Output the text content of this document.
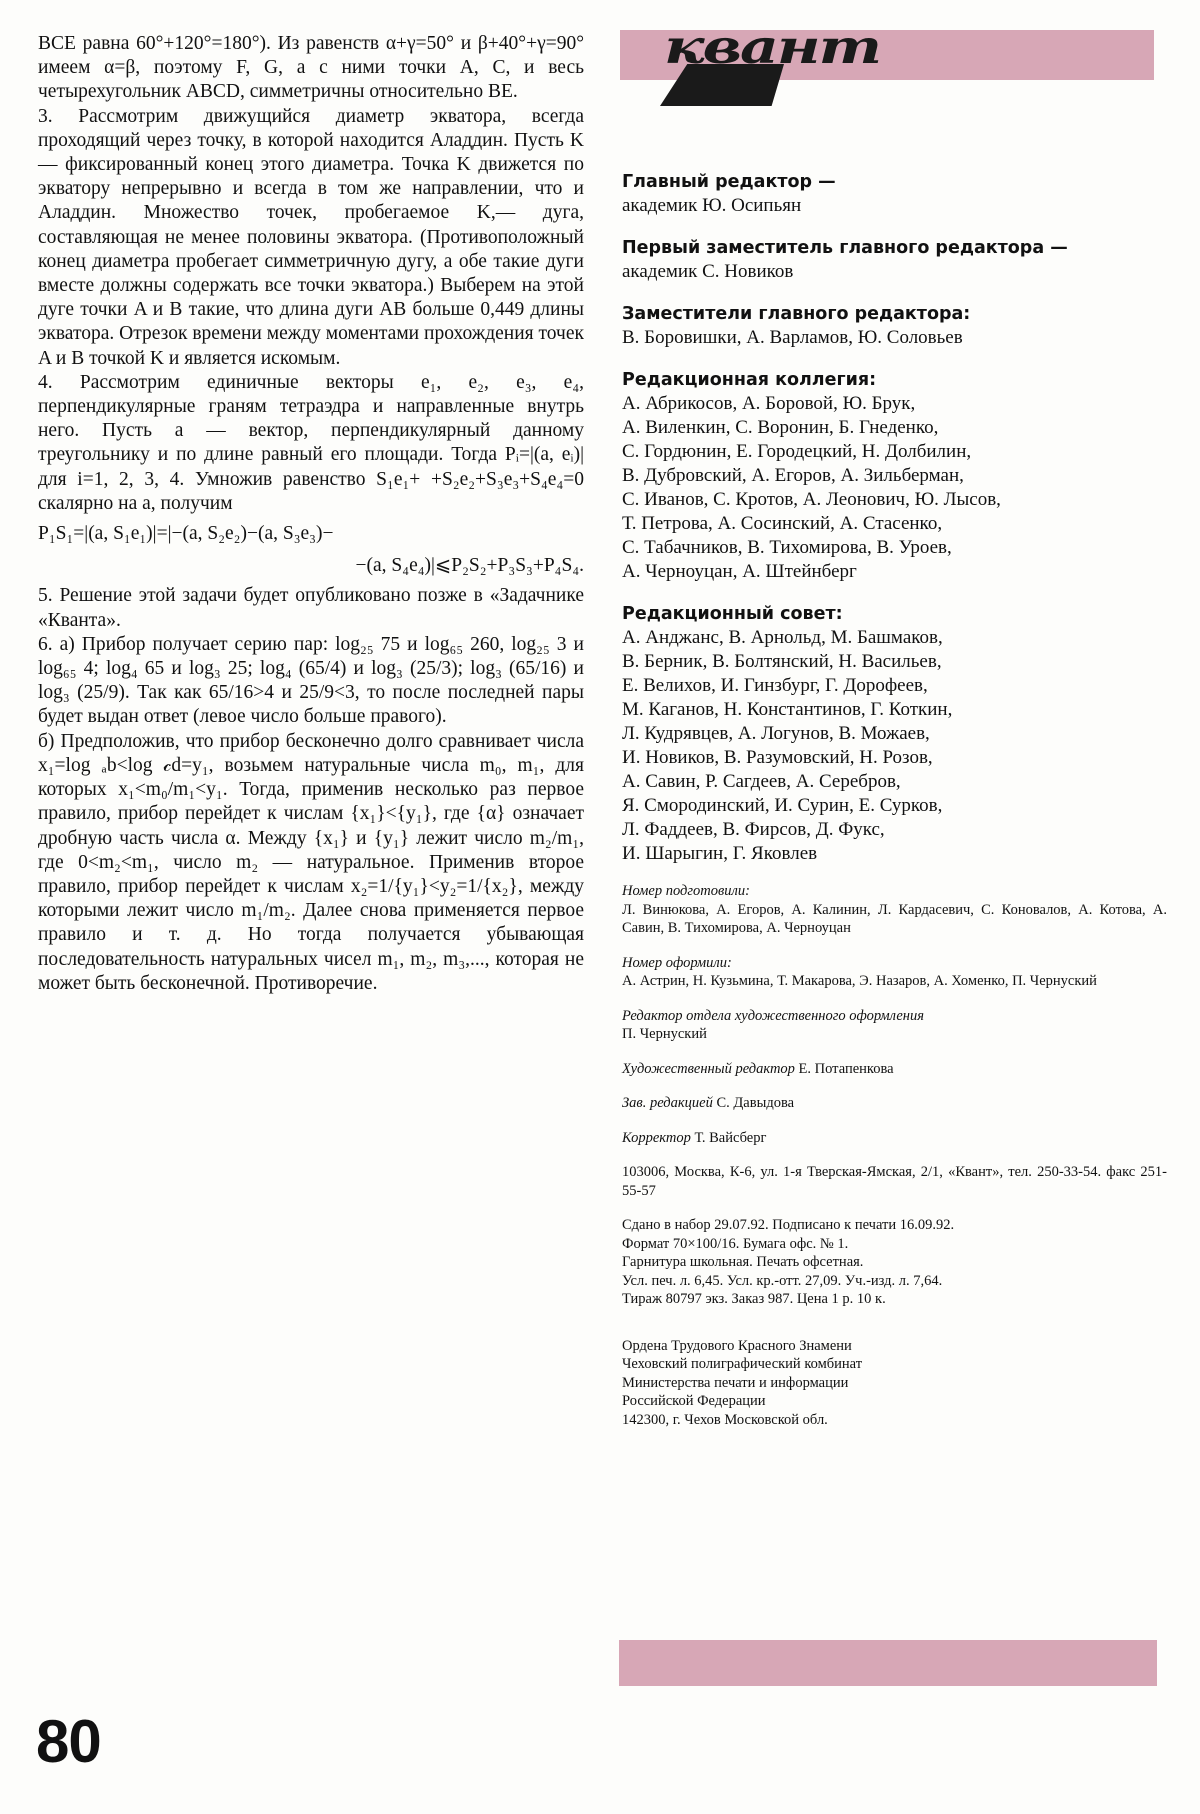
BCE равна 60°+120°=180°). Из равенств α+γ=50° и β+40°+γ=90° имеем α=β, поэтому F, G, а с ними точки A, C, и весь четырехугольник ABCD, симметричны относительно BE.

3. Рассмотрим движущийся диаметр экватора, всегда проходящий через точку, в которой находится Аладдин. Пусть K — фиксированный конец этого диаметра. Точка K движется по экватору непрерывно и всегда в том же направлении, что и Аладдин. Множество точек, пробегаемое K,— дуга, составляющая не менее половины экватора. (Противоположный конец диаметра пробегает симметричную дугу, а обе такие дуги вместе должны содержать все точки экватора.) Выберем на этой дуге точки A и B такие, что длина дуги AB больше 0,449 длины экватора. Отрезок времени между моментами прохождения точек A и B точкой K и является искомым.

4. Рассмотрим единичные векторы e₁, e₂, e₃, e₄, перпендикулярные граням тетраэдра и направленные внутрь него. Пусть a — вектор, перпендикулярный данному треугольнику и по длине равный его площади. Тогда Pᵢ=|(a, eᵢ)| для i=1, 2, 3, 4. Умножив равенство S₁e₁+ +S₂e₂+S₃e₃+S₄e₄=0 скалярно на a, получим

P₁S₁=|(a, S₁e₁)|=|−(a, S₂e₂)−(a, S₃e₃)−

−(a, S₄e₄)|⩽P₂S₂+P₃S₃+P₄S₄.

5. Решение этой задачи будет опубликовано позже в «Задачнике «Кванта».

6. а) Прибор получает серию пар: log₂₅ 75 и log₆₅ 260, log₂₅ 3 и log₆₅ 4; log₄ 65 и log₃ 25; log₄ (65/4) и log₃ (25/3); log₃ (65/16) и log₃ (25/9). Так как 65/16>4 и 25/9<3, то после последней пары будет выдан ответ (левое число больше правого).

б) Предположив, что прибор бесконечно долго сравнивает числа x₁=log ₐb<log 𝒸d=y₁, возьмем натуральные числа m₀, m₁, для которых x₁<m₀/m₁<y₁. Тогда, применив несколько раз первое правило, прибор перейдет к числам {x₁}<{y₁}, где {α} означает дробную часть числа α. Между {x₁} и {y₁} лежит число m₂/m₁, где 0<m₂<m₁, число m₂ — натуральное. Применив второе правило, прибор перейдет к числам x₂=1/{y₁}<y₂=1/{x₂}, между которыми лежит число m₁/m₂. Далее снова применяется первое правило и т. д. Но тогда получается убывающая последовательность натуральных чисел m₁, m₂, m₃,..., которая не может быть бесконечной. Противоречие.

квант
Главный редактор —
академик Ю. Осипьян
Первый заместитель главного редактора —
академик С. Новиков
Заместители главного редактора:
В. Боровишки, А. Варламов, Ю. Соловьев
Редакционная коллегия:
А. Абрикосов, А. Боровой, Ю. Брук,
А. Виленкин, С. Воронин, Б. Гнеденко,
С. Гордюнин, Е. Городецкий, Н. Долбилин,
В. Дубровский, А. Егоров, А. Зильберман,
С. Иванов, С. Кротов, А. Леонович, Ю. Лысов,
Т. Петрова, А. Сосинский, А. Стасенко,
С. Табачников, В. Тихомирова, В. Уроев,
А. Черноуцан, А. Штейнберг
Редакционный совет:
А. Анджанс, В. Арнольд, М. Башмаков,
В. Берник, В. Болтянский, Н. Васильев,
Е. Велихов, И. Гинзбург, Г. Дорофеев,
М. Каганов, Н. Константинов, Г. Коткин,
Л. Кудрявцев, А. Логунов, В. Можаев,
И. Новиков, В. Разумовский, Н. Розов,
А. Савин, Р. Сагдеев, А. Серебров,
Я. Смородинский, И. Сурин, Е. Сурков,
Л. Фаддеев, В. Фирсов, Д. Фукс,
И. Шарыгин, Г. Яковлев
Номер подготовили:
Л. Винюкова, А. Егоров, А. Калинин, Л. Кардасевич, С. Коновалов, А. Котова, А. Савин, В. Тихомирова, А. Черноуцан
Номер оформили:
А. Астрин, Н. Кузьмина, Т. Макарова, Э. Назаров, А. Хоменко, П. Чернуский
Редактор отдела художественного оформления
П. Чернуский
Художественный редактор Е. Потапенкова
Зав. редакцией С. Давыдова
Корректор Т. Вайсберг
103006, Москва, К-6, ул. 1-я Тверская-Ямская, 2/1, «Квант», тел. 250-33-54. факс 251-55-57
Сдано в набор 29.07.92. Подписано к печати 16.09.92.
Формат 70×100/16. Бумага офс. № 1.
Гарнитура школьная. Печать офсетная.
Усл. печ. л. 6,45. Усл. кр.-отт. 27,09. Уч.-изд. л. 7,64.
Тираж 80797 экз. Заказ 987. Цена 1 р. 10 к.
Ордена Трудового Красного Знамени
Чеховский полиграфический комбинат
Министерства печати и информации
Российской Федерации
142300, г. Чехов Московской обл.
80
